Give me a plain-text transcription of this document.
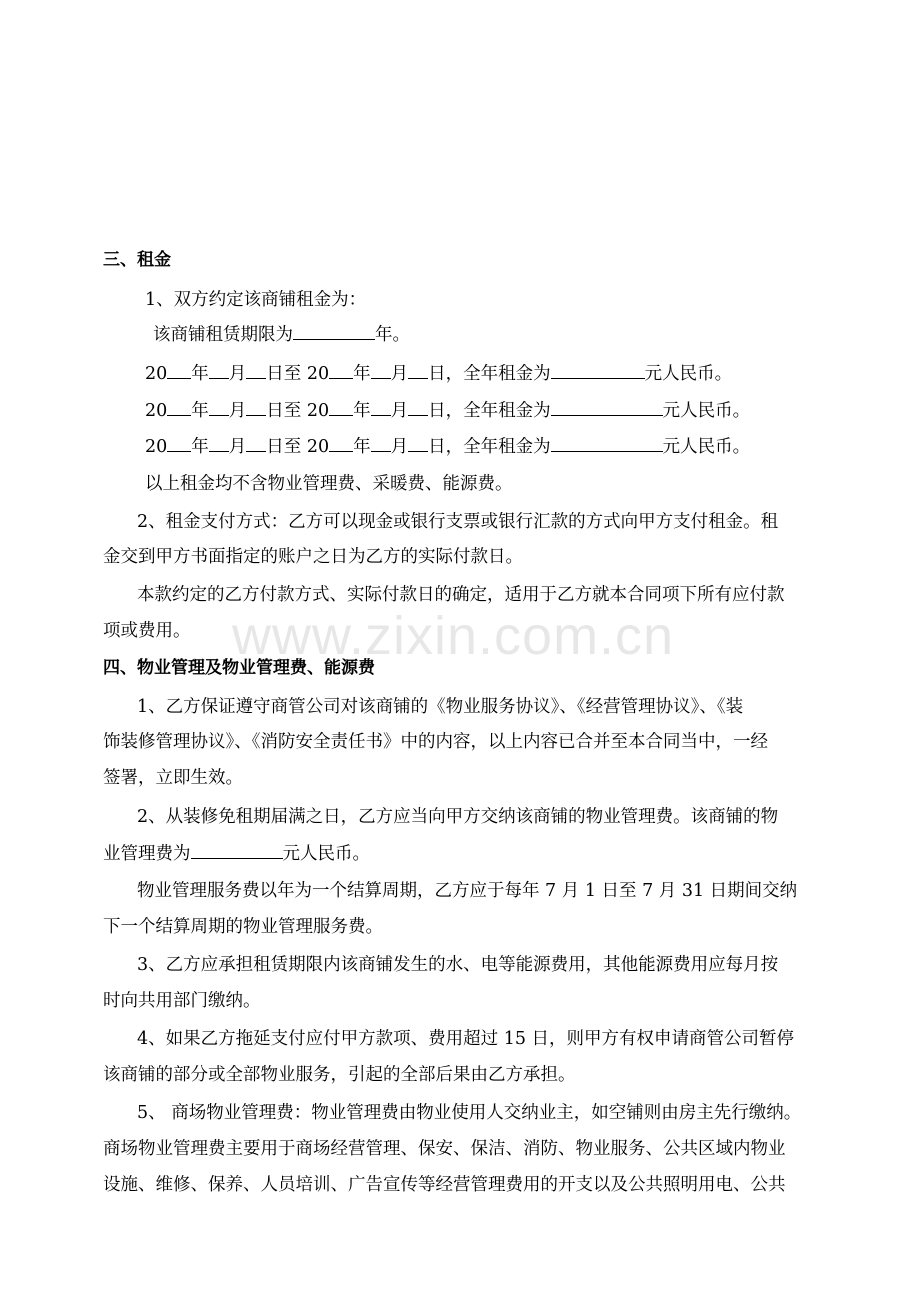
www.zixin.com.cn
三、租金
1、双方约定该商铺租金为：
该商铺租赁期限为	年。
20 年 月 日至 20 年 月 日，全年租金为	元人民币。
20 年 月 日至 20 年 月 日，全年租金为	元人民币。
20 年 月 日至 20 年 月 日，全年租金为	元人民币。
以上租金均不含物业管理费、采暖费、能源费。
2、租金支付方式：乙方可以现金或银行支票或银行汇款的方式向甲方支付租金。租
金交到甲方书面指定的账户之日为乙方的实际付款日。
本款约定的乙方付款方式、实际付款日的确定，适用于乙方就本合同项下所有应付款
项或费用。
四、物业管理及物业管理费、能源费
1、乙方保证遵守商管公司对该商铺的《物业服务协议》、《经营管理协议》、《装
饰装修管理协议》、《消防安全责任书》中的内容，以上内容已合并至本合同当中，一经
签署，立即生效。
2、从装修免租期届满之日，乙方应当向甲方交纳该商铺的物业管理费。该商铺的物
业管理费为	元人民币。
物业管理服务费以年为一个结算周期，乙方应于每年 7 月 1 日至 7 月 31 日期间交纳
下一个结算周期的物业管理服务费。
3、乙方应承担租赁期限内该商铺发生的水、电等能源费用，其他能源费用应每月按
时向共用部门缴纳。
4、如果乙方拖延支付应付甲方款项、费用超过 15 日，则甲方有权申请商管公司暂停
该商铺的部分或全部物业服务，引起的全部后果由乙方承担。
5、 商场物业管理费：物业管理费由物业使用人交纳业主，如空铺则由房主先行缴纳。
商场物业管理费主要用于商场经营管理、保安、保洁、消防、物业服务、公共区域内物业
设施、维修、保养、人员培训、广告宣传等经营管理费用的开支以及公共照明用电、公共
